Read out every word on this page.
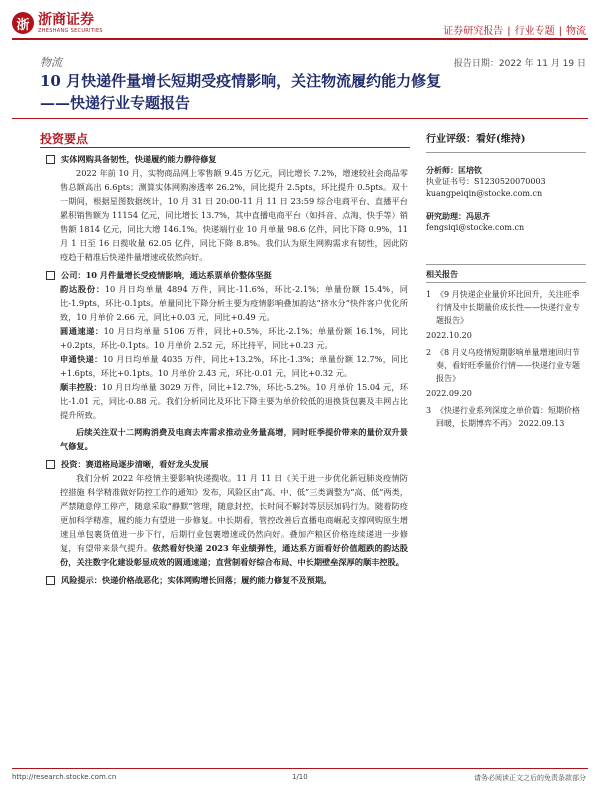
浙 浙商证券
ZHESHANG SECURITIES	证券研究报告 | 行业专题 | 物流
物流	报告日期：2022 年 11 月 19 日
10 月快递件量增长短期受疫情影响，关注物流履约能力修复
——快递行业专题报告
投资要点
实体网购具备韧性，快递履约能力静待修复
2022 年前 10 月，实物商品网上零售额 9.45 万亿元，同比增长 7.2%，增速较社会商品零售总额高出 6.6pts；测算实体网购渗透率 26.2%，同比提升 2.5pts，环比提升 0.5pts。双十一期间，根据星图数据统计，10 月 31 日 20:00-11 月 11 日 23:59 综合电商平台、直播平台累积销售额为 11154 亿元，同比增长 13.7%，其中直播电商平台（如抖音、点淘、快手等）销售额 1814 亿元，同比大增 146.1%。快递端行业 10 月单量 98.6 亿件，同比下降 0.9%，11 月 1 日至 16 日揽收量 62.05 亿件，同比下降 8.8%。我们认为原生网购需求有韧性，因此防疫趋于精准后快递件量增速或依然向好。
公司：10 月件量增长受疫情影响，通达系票单价整体坚挺
韵达股份：10 月日均单量 4894 万件，同比-11.6%，环比-2.1%；单量份额 15.4%，同比-1.9pts，环比-0.1pts。单量同比下降分析主要为疫情影响叠加韵达“挤水分”快件客户优化所致，10 月单价 2.66 元，同比+0.03 元，同比+0.49 元。
圆通速递：10 月日均单量 5106 万件，同比+0.5%，环比-2.1%；单量份额 16.1%，同比+0.2pts，环比-0.1pts。10 月单价 2.52 元，环比持平，同比+0.23 元。
申通快递：10 月日均单量 4035 万件，同比+13.2%，环比-1.3%；单量份额 12.7%，同比+1.6pts，环比+0.1pts。10 月单价 2.43 元，环比-0.01 元，同比+0.32 元。
顺丰控股：10 月日均单量 3029 万件，同比+12.7%，环比-5.2%。10 月单价 15.04 元，环比-1.01 元，同比-0.88 元。我们分析同比及环比下降主要为单价较低的退换货包裹及丰网占比提升所致。
后续关注双十二网购消费及电商去库需求推动业务量高增，同时旺季提价带来的量价双升景气修复。
投资：赛道格局逐步清晰，看好龙头发展
我们分析 2022 年疫情主要影响快递揽收。11 月 11 日《关于进一步优化新冠肺炎疫情防控措施 科学精准做好防控工作的通知》发布，风险区由“高、中、低”三类调整为“高、低”两类，严禁随意停工停产，随意采取“静默”管理，随意封控，长时间不解封等层层加码行为。随着防疫更加科学精准，履约能力有望进一步修复。中长期看，管控改善后直播电商崛起支撑网购原生增速且单包裹货值进一步下行，后期行业包裹增速或仍然向好。叠加产粮区价格连续递进一步修复，有望带来景气提升。依然看好快递 2023 年业绩弹性，通达系方面看好价值超跌的韵达股份，关注数字化建设彰显成效的圆通速递；直营制看好综合布局、中长期壁垒深厚的顺丰控股。
风险提示：快递价格战恶化；实体网购增长回落；履约能力修复不及预期。
行业评级：看好(维持)
分析师：匡培钦
执业证书号：S1230520070003
kuangpeiqin@stocke.com.cn
研究助理：冯思齐
fengsiqi@stocke.com.cn
相关报告
1 《9 月快递企业量价环比回升，关注旺季行情及中长期量价成长性——快递行业专题报告》
2022.10.20
2 《8 月义乌疫情短期影响单量增速回归节奏，看好旺季量价行情——快递行业专题报告》
2022.09.20
3 《快递行业系列深度之单价篇：短期价格回暖，长期博弈不再》 2022.09.13
http://research.stocke.com.cn	1/10	请务必阅读正文之后的免责条款部分
